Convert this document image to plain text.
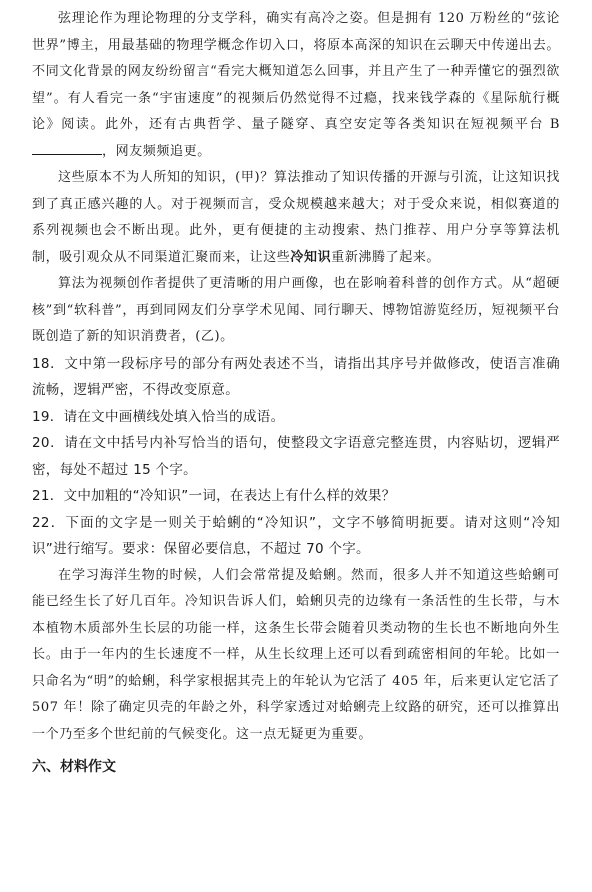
弦理论作为理论物理的分支学科，确实有高冷之姿。但是拥有 120 万粉丝的“弦论世界”博主，用最基础的物理学概念作切入口，将原本高深的知识在云聊天中传递出去。不同文化背景的网友纷纷留言“看完大概知道怎么回事，并且产生了一种弄懂它的强烈欲望”。有人看完一条“宇宙速度”的视频后仍然觉得不过瘾，找来钱学森的《星际航行概论》阅读。此外，还有古典哲学、量子隧穿、真空安定等各类知识在短视频平台 B，网友频频追更。

这些原本不为人所知的知识，(甲)？算法推动了知识传播的开源与引流，让这知识找到了真正感兴趣的人。对于视频而言，受众规模越来越大；对于受众来说，相似赛道的系列视频也会不断出现。此外，更有便捷的主动搜索、热门推荐、用户分享等算法机制，吸引观众从不同渠道汇聚而来，让这些冷知识重新沸腾了起来。

算法为视频创作者提供了更清晰的用户画像，也在影响着科普的创作方式。从“超硬核”到“软科普”，再到同网友们分享学术见闻、同行聊天、博物馆游览经历，短视频平台既创造了新的知识消费者，(乙)。

18．文中第一段标序号的部分有两处表述不当，请指出其序号并做修改，使语言准确流畅，逻辑严密，不得改变原意。

19．请在文中画横线处填入恰当的成语。

20．请在文中括号内补写恰当的语句，使整段文字语意完整连贯，内容贴切，逻辑严密，每处不超过 15 个字。

21．文中加粗的“冷知识”一词，在表达上有什么样的效果？

22．下面的文字是一则关于蛤蜊的“冷知识”，文字不够简明扼要。请对这则“冷知识”进行缩写。要求：保留必要信息，不超过 70 个字。

在学习海洋生物的时候，人们会常常提及蛤蜊。然而，很多人并不知道这些蛤蜊可能已经生长了好几百年。冷知识告诉人们，蛤蜊贝壳的边缘有一条活性的生长带，与木本植物木质部外生长层的功能一样，这条生长带会随着贝类动物的生长也不断地向外生长。由于一年内的生长速度不一样，从生长纹理上还可以看到疏密相间的年轮。比如一只命名为“明”的蛤蜊，科学家根据其壳上的年轮认为它活了 405 年，后来更认定它活了 507 年！除了确定贝壳的年龄之外，科学家透过对蛤蜊壳上纹路的研究，还可以推算出一个乃至多个世纪前的气候变化。这一点无疑更为重要。

六、材料作文
